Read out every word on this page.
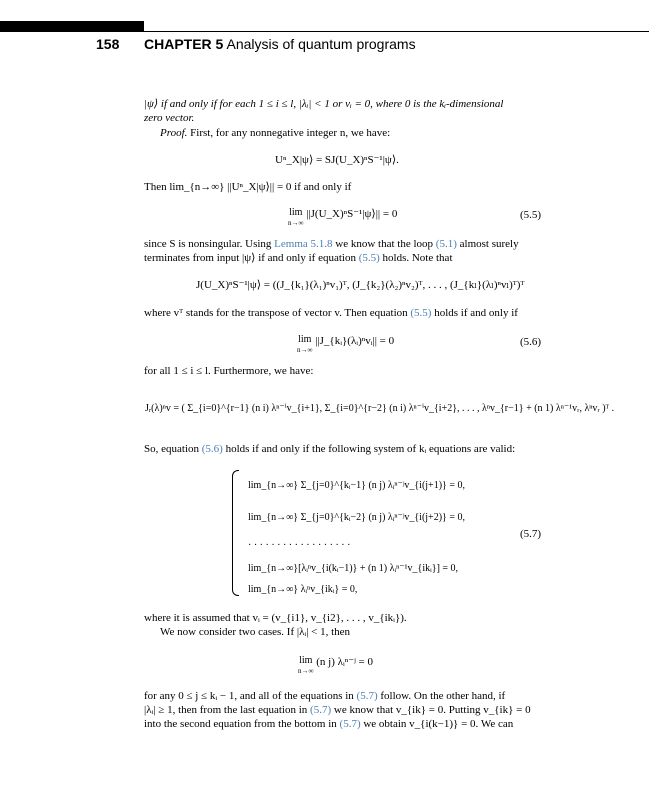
158 CHAPTER 5 Analysis of quantum programs
|ψ⟩ if and only if for each 1 ≤ i ≤ l, |λᵢ| < 1 or vᵢ = 0, where 0 is the kᵢ-dimensional
zero vector.
Proof. First, for any nonnegative integer n, we have:
Uⁿ_X|ψ⟩ = SJ(U_X)ⁿS⁻¹|ψ⟩.
Then lim_{n→∞} ||Uⁿ_X|ψ⟩|| = 0 if and only if
lim
n→∞
||J(U_X)ⁿS⁻¹|ψ⟩|| = 0	(5.5)
since S is nonsingular. Using Lemma 5.1.8 we know that the loop (5.1) almost surely
terminates from input |ψ⟩ if and only if equation (5.5) holds. Note that
J(U_X)ⁿS⁻¹|ψ⟩ = ((J_{k₁}(λ₁)ⁿv₁)ᵀ, (J_{k₂}(λ₂)ⁿv₂)ᵀ, . . . , (J_{kₗ}(λₗ)ⁿvₗ)ᵀ)ᵀ
where vᵀ stands for the transpose of vector v. Then equation (5.5) holds if and only if
lim
n→∞
||J_{kᵢ}(λᵢ)ⁿvᵢ|| = 0	(5.6)
for all 1 ≤ i ≤ l. Furthermore, we have:
Jᵣ(λ)ⁿv = ( Σ_{i=0}^{r−1} (n i) λⁿ⁻ⁱv_{i+1}, Σ_{i=0}^{r−2} (n i) λⁿ⁻ⁱv_{i+2}, . . . , λⁿv_{r−1} + (n 1) λⁿ⁻¹vᵣ, λⁿvᵣ )ᵀ .
So, equation (5.6) holds if and only if the following system of kᵢ equations are valid:
lim_{n→∞} Σ_{j=0}^{kᵢ−1} (n j) λᵢⁿ⁻ʲv_{i(j+1)} = 0,
lim_{n→∞} Σ_{j=0}^{kᵢ−2} (n j) λᵢⁿ⁻ʲv_{i(j+2)} = 0,
· · · · · · · · · · · · · · · · · ·
lim_{n→∞}[λᵢⁿv_{i(kᵢ−1)} + (n 1) λᵢⁿ⁻¹v_{ikᵢ}] = 0,
lim_{n→∞} λᵢⁿv_{ikᵢ} = 0,
(5.7)
where it is assumed that vᵢ = (v_{i1}, v_{i2}, . . . , v_{ikᵢ}).
We now consider two cases. If |λᵢ| < 1, then
lim
n→∞
(n j) λᵢⁿ⁻ʲ = 0
for any 0 ≤ j ≤ kᵢ − 1, and all of the equations in (5.7) follow. On the other hand, if
|λᵢ| ≥ 1, then from the last equation in (5.7) we know that v_{ik} = 0. Putting v_{ik} = 0
into the second equation from the bottom in (5.7) we obtain v_{i(k−1)} = 0. We can
